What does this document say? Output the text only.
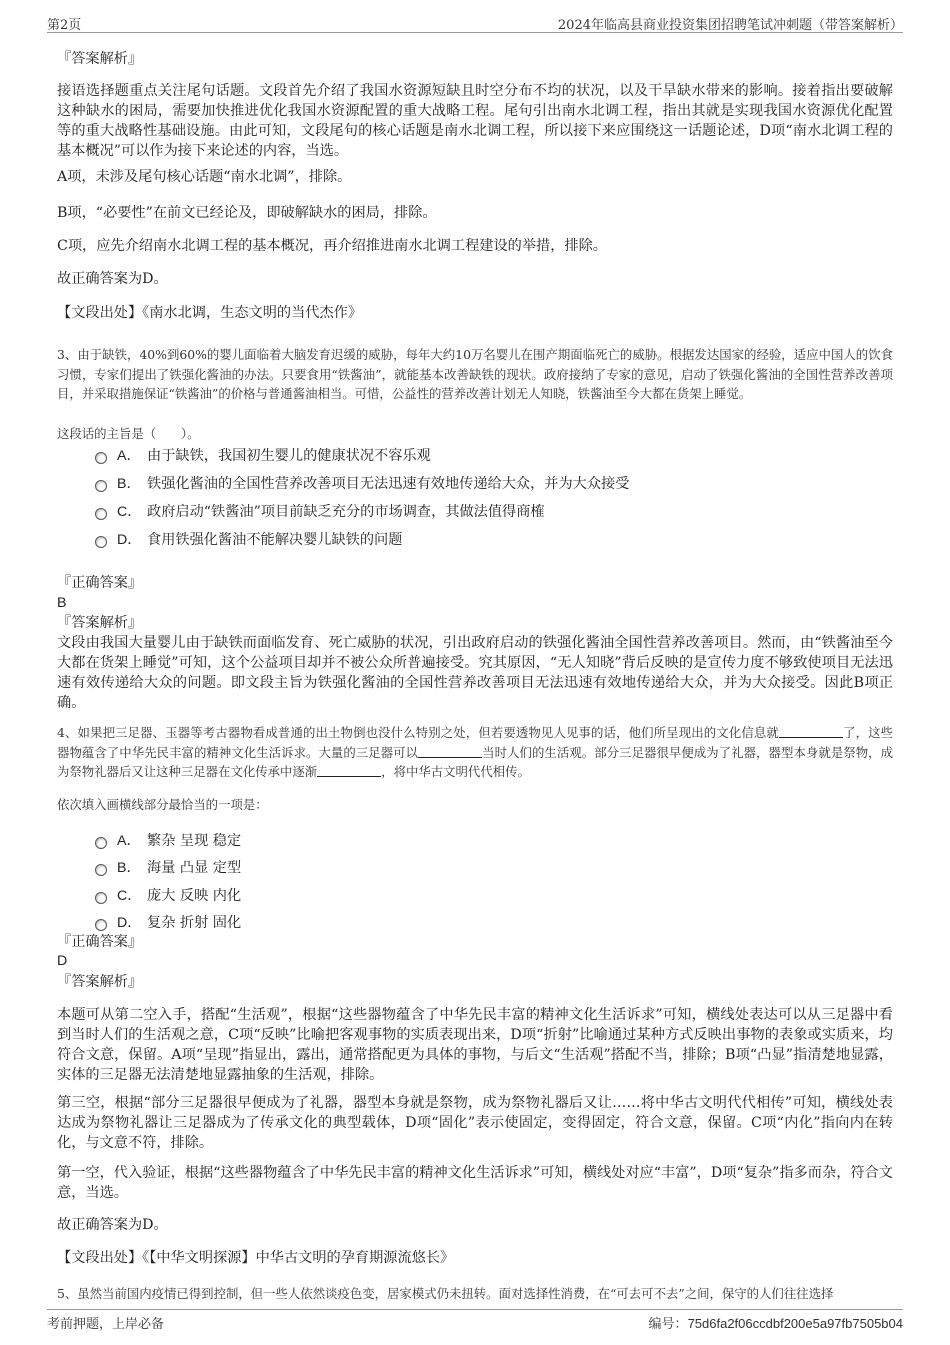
第2页	2024年临高县商业投资集团招聘笔试冲刺题（带答案解析）

『答案解析』

接语选择题重点关注尾句话题。文段首先介绍了我国水资源短缺且时空分布不均的状况，以及干旱缺水带来的影响。接着指出要破解这种缺水的困局，需要加快推进优化我国水资源配置的重大战略工程。尾句引出南水北调工程，指出其就是实现我国水资源优化配置等的重大战略性基础设施。由此可知，文段尾句的核心话题是南水北调工程，所以接下来应围绕这一话题论述，D项“南水北调工程的基本概况”可以作为接下来论述的内容，当选。

A项，未涉及尾句核心话题“南水北调”，排除。

B项，“必要性”在前文已经论及，即破解缺水的困局，排除。

C项，应先介绍南水北调工程的基本概况，再介绍推进南水北调工程建设的举措，排除。

故正确答案为D。

【文段出处】《南水北调，生态文明的当代杰作》

3、由于缺铁，40%到60%的婴儿面临着大脑发育迟缓的威胁，每年大约10万名婴儿在围产期面临死亡的威胁。根据发达国家的经验，适应中国人的饮食习惯，专家们提出了铁强化酱油的办法。只要食用“铁酱油”，就能基本改善缺铁的现状。政府接纳了专家的意见，启动了铁强化酱油的全国性营养改善项目，并采取措施保证“铁酱油”的价格与普通酱油相当。可惜，公益性的营养改善计划无人知晓，铁酱油至今大都在货架上睡觉。

这段话的主旨是（　　）。

A． 由于缺铁，我国初生婴儿的健康状况不容乐观
B． 铁强化酱油的全国性营养改善项目无法迅速有效地传递给大众，并为大众接受
C． 政府启动“铁酱油”项目前缺乏充分的市场调查，其做法值得商榷
D． 食用铁强化酱油不能解决婴儿缺铁的问题

『正确答案』

B

『答案解析』

文段由我国大量婴儿由于缺铁而面临发育、死亡威胁的状况，引出政府启动的铁强化酱油全国性营养改善项目。然而，由“铁酱油至今大都在货架上睡觉”可知，这个公益项目却并不被公众所普遍接受。究其原因，“无人知晓”背后反映的是宣传力度不够致使项目无法迅速有效传递给大众的问题。即文段主旨为铁强化酱油的全国性营养改善项目无法迅速有效地传递给大众，并为大众接受。因此B项正确。

4、如果把三足器、玉器等考古器物看成普通的出土物倒也没什么特别之处，但若要透物见人见事的话，他们所呈现出的文化信息就	了，这些器物蕴含了中华先民丰富的精神文化生活诉求。大量的三足器可以	当时人们的生活观。部分三足器很早便成为了礼器，器型本身就是祭物，成为祭物礼器后又让这种三足器在文化传承中逐渐	，将中华古文明代代相传。

依次填入画横线部分最恰当的一项是：

A． 繁杂 呈现 稳定
B． 海量 凸显 定型
C． 庞大 反映 内化
D． 复杂 折射 固化

『正确答案』

D

『答案解析』

本题可从第二空入手，搭配“生活观”，根据“这些器物蕴含了中华先民丰富的精神文化生活诉求”可知，横线处表达可以从三足器中看到当时人们的生活观之意，C项“反映”比喻把客观事物的实质表现出来，D项“折射”比喻通过某种方式反映出事物的表象或实质来，均符合文意，保留。A项“呈现”指显出，露出，通常搭配更为具体的事物，与后文“生活观”搭配不当，排除；B项“凸显”指清楚地显露，实体的三足器无法清楚地显露抽象的生活观，排除。

第三空，根据“部分三足器很早便成为了礼器，器型本身就是祭物，成为祭物礼器后又让……将中华古文明代代相传”可知，横线处表达成为祭物礼器让三足器成为了传承文化的典型载体，D项“固化”表示使固定，变得固定，符合文意，保留。C项“内化”指向内在转化，与文意不符，排除。

第一空，代入验证，根据“这些器物蕴含了中华先民丰富的精神文化生活诉求”可知，横线处对应“丰富”，D项“复杂”指多而杂，符合文意，当选。

故正确答案为D。

【文段出处】《【中华文明探源】中华古文明的孕育期源流悠长》

5、虽然当前国内疫情已得到控制，但一些人依然谈疫色变，居家模式仍未扭转。面对选择性消费，在“可去可不去”之间，保守的人们往往选择

考前押题，上岸必备	编号：75d6fa2f06ccdbf200e5a97fb7505b04
